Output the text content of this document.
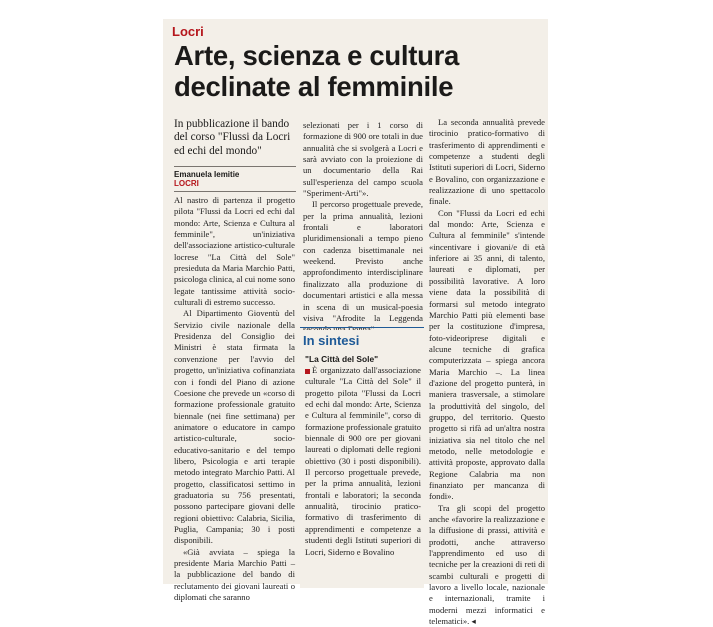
Locri
Arte, scienza e cultura declinate al femminile

In pubblicazione il bando del corso "Flussi da Locri ed echi del mondo"

Emanuela Iemitie
LOCRI

Al nastro di partenza il progetto pilota "Flussi da Locri ed echi dal mondo: Arte, Scienza e Cultura al femminile", un'iniziativa dell'associazione artistico-culturale locrese "La Città del Sole" presieduta da Maria Marchio Patti, psicologa clinica, al cui nome sono legate tantissime attività socio-culturali di estremo successo.

Al Dipartimento Gioventù del Servizio civile nazionale della Presidenza del Consiglio dei Ministri è stata firmata la convenzione per l'avvio del progetto, un'iniziativa cofinanziata con i fondi del Piano di azione Coesione che prevede un «corso di formazione professionale gratuito biennale (nei fine settimana) per animatore o educatore in campo artistico-culturale, socio-educativo-sanitario e del tempo libero, Psicologia e arti terapie metodo integrato Marchio Patti. Al progetto, classificatosi settimo in graduatoria su 756 presentati, possono partecipare giovani delle regioni obiettivo: Calabria, Sicilia, Puglia, Campania; 30 i posti disponibili.

«Già avviata – spiega la presidente Maria Marchio Patti – la pubblicazione del bando di reclutamento dei giovani laureati o diplomati che saranno

selezionati per i 1 corso di formazione di 900 ore totali in due annualità che si svolgerà a Locri e sarà avviato con la proiezione di un documentario della Rai sull'esperienza del campo scuola "Speriment-Arti"».

Il percorso progettuale prevede, per la prima annualità, lezioni frontali e laboratori pluridimensionali a tempo pieno con cadenza bisettimanale nei weekend. Previsto anche approfondimento interdisciplinare finalizzato alla produzione di documentari artistici e alla messa in scena di un musical-poesia visiva "Afrodite la Leggenda

In sintesi
"La Città del Sole"

È organizzato dall'associazione culturale "La Città del Sole" il progetto pilota "Flussi da Locri ed echi dal mondo: Arte, Scienza e Cultura al femminile", corso di formazione professionale gratuito biennale di 900 ore per giovani laureati o diplomati delle regioni obiettivo (30 i posti disponibili). Il percorso progettuale prevede, per la prima annualità, lezioni frontali e laboratori; la seconda annualità, tirocinio pratico-formativo di trasferimento di apprendimenti e competenze a studenti degli Istituti superiori di Locri, Siderno e Bovalino

La seconda annualità prevede tirocinio pratico-formativo di trasferimento di apprendimenti e competenze a studenti degli Istituti superiori di Locri, Siderno e Bovalino, con organizzazione e realizzazione di uno spettacolo finale.

Con "Flussi da Locri ed echi dal mondo: Arte, Scienza e Cultura al femminile" s'intende «incentivare i giovani/e di età inferiore ai 35 anni, di talento, laureati e diplomati, per possibilità lavorative. A loro viene data la possibilità di formarsi sul metodo integrato Marchio Patti più elementi base per la costituzione d'impresa, foto-videoriprese digitali e alcune tecniche di grafica computerizzata – spiega ancora Maria Marchio –. La linea d'azione del progetto punterà, in maniera trasversale, a stimolare la produttività del singolo, del gruppo, del territorio. Questo progetto si rifà ad un'altra nostra iniziativa sia nel titolo che nel metodo, nelle metodologie e attività proposte, approvato dalla Regione Calabria ma non finanziato per mancanza di fondi».

Tra gli scopi del progetto anche «favorire la realizzazione e la diffusione di prassi, attività e prodotti, anche attraverso l'apprendimento ed uso di tecniche per la creazioni di reti di scambi culturali e progetti di lavoro a livello locale, nazionale e internazionali, tramite i moderni mezzi informatici e telematici». ◂
